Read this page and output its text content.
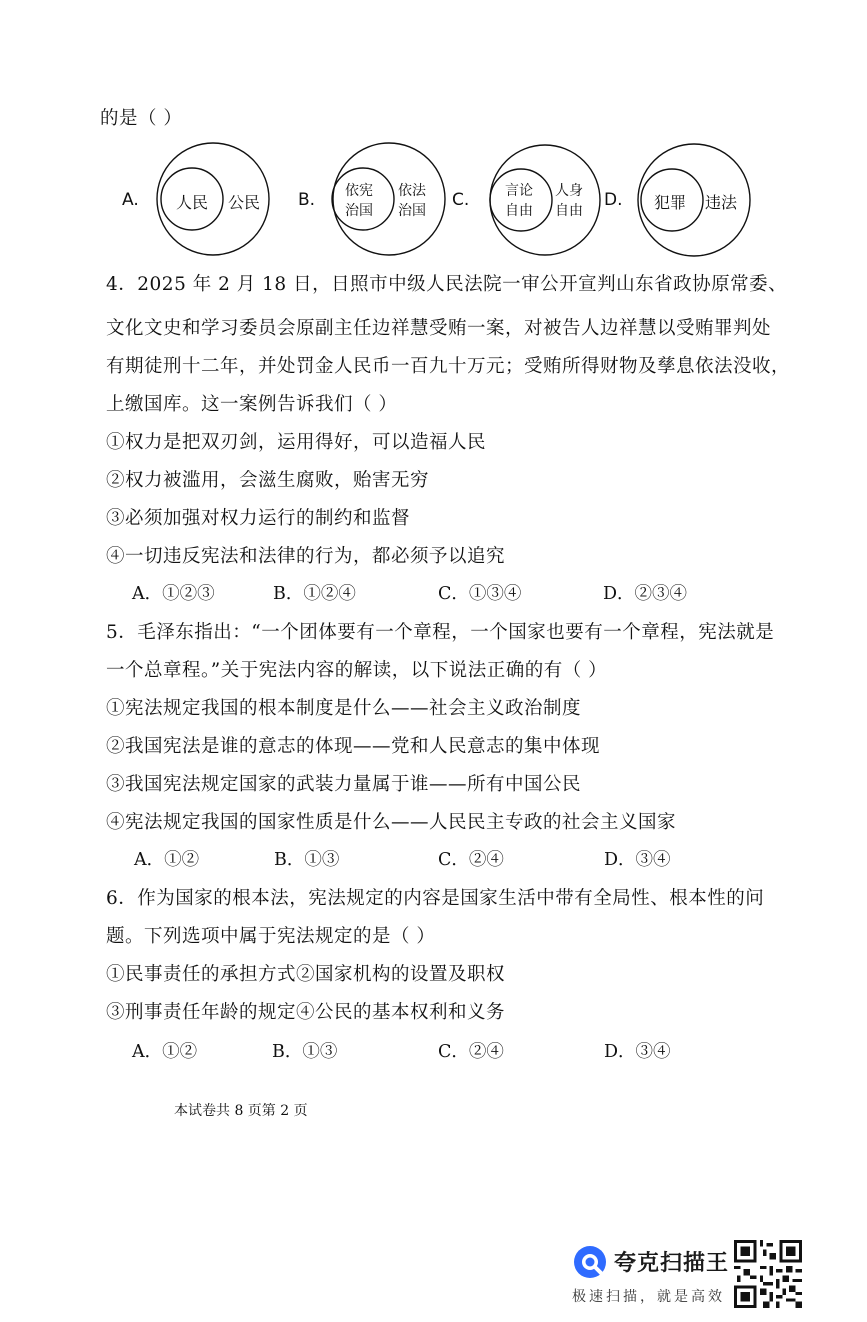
的是（ ）
A. 人民 公民 B. 依宪
治国
依法
治国
C.	言论
自由
人身
自由
D. 犯罪 违法
4．2025 年 2 月 18 日，日照市中级人民法院一审公开宣判山东省政协原常委、
文化文史和学习委员会原副主任边祥慧受贿一案，对被告人边祥慧以受贿罪判处
有期徒刑十二年，并处罚金人民币一百九十万元；受贿所得财物及孳息依法没收，
上缴国库。这一案例告诉我们（ ）
①权力是把双刃剑，运用得好，可以造福人民
②权力被滥用，会滋生腐败，贻害无穷
③必须加强对权力运行的制约和监督
④一切违反宪法和法律的行为，都必须予以追究
A．①②③	B．①②④	C．①③④	D．②③④
5．毛泽东指出：“一个团体要有一个章程，一个国家也要有一个章程，宪法就是
一个总章程。”关于宪法内容的解读，以下说法正确的有（ ）
①宪法规定我国的根本制度是什么——社会主义政治制度
②我国宪法是谁的意志的体现——党和人民意志的集中体现
③我国宪法规定国家的武装力量属于谁——所有中国公民
④宪法规定我国的国家性质是什么——人民民主专政的社会主义国家
A．①②	B．①③	C．②④	D．③④
6．作为国家的根本法，宪法规定的内容是国家生活中带有全局性、根本性的问
题。下列选项中属于宪法规定的是（ ）
①民事责任的承担方式②国家机构的设置及职权
③刑事责任年龄的规定④公民的基本权利和义务
A．①②	B．①③	C．②④	D．③④
本试卷共 8 页第 2 页
夸克扫描王
极速扫描，就是高效
